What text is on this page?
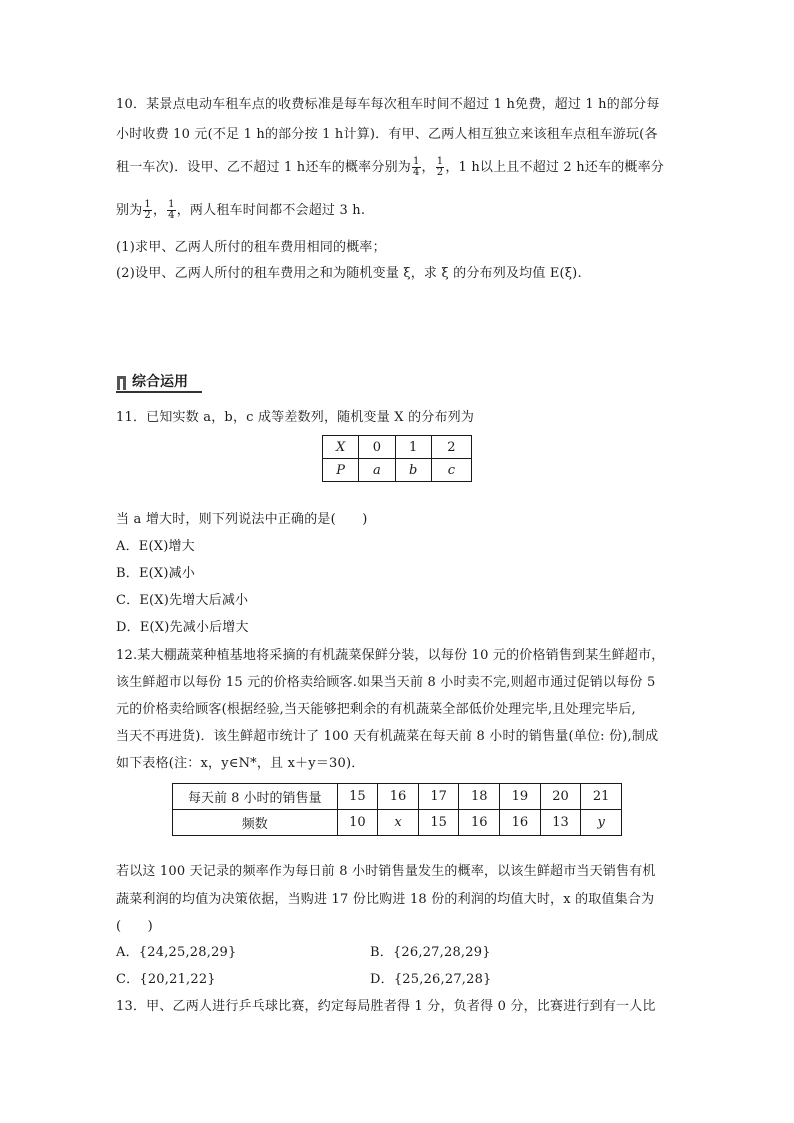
10．某景点电动车租车点的收费标准是每车每次租车时间不超过 1 h免费，超过 1 h的部分每
小时收费 10 元(不足 1 h的部分按 1 h计算)．有甲、乙两人相互独立来该租车点租车游玩(各
租一车次)．设甲、乙不超过 1 h还车的概率分别为 $\frac{1}{4}$ ， $\frac{1}{2}$ ，1 h以上且不超过 2 h还车的概率分
别为 $\frac{1}{2}$ ， $\frac{1}{4}$ ，两人租车时间都不会超过 3 h.
(1)求甲、乙两人所付的租车费用相同的概率；
(2)设甲、乙两人所付的租车费用之和为随机变量 ξ，求 ξ 的分布列及均值 E(ξ).
综合运用
11．已知实数 a，b，c 成等差数列，随机变量 X 的分布列为
X	0	1	2
P	a	b	c
当 a 增大时，则下列说法中正确的是(　　)
A．E(X)增大
B．E(X)减小
C．E(X)先增大后减小
D．E(X)先减小后增大
12.某大棚蔬菜种植基地将采摘的有机蔬菜保鲜分装，以每份 10 元的价格销售到某生鲜超市，
该生鲜超市以每份 15 元的价格卖给顾客.如果当天前 8 小时卖不完,则超市通过促销以每份 5
元的价格卖给顾客(根据经验,当天能够把剩余的有机蔬菜全部低价处理完毕,且处理完毕后,
当天不再进货)．该生鲜超市统计了 100 天有机蔬菜在每天前 8 小时的销售量(单位: 份),制成
如下表格(注：x，y∈N*，且 x＋y＝30)．
每天前 8 小时的销售量	15	16	17	18	19	20	21
频数	10	x	15	16	16	13	y
若以这 100 天记录的频率作为每日前 8 小时销售量发生的概率，以该生鲜超市当天销售有机
蔬菜利润的均值为决策依据，当购进 17 份比购进 18 份的利润的均值大时，x 的取值集合为
(　　)
A．{24,25,28,29}	B．{26,27,28,29}
C．{20,21,22}	D．{25,26,27,28}
13．甲、乙两人进行乒乓球比赛，约定每局胜者得 1 分，负者得 0 分，比赛进行到有一人比
